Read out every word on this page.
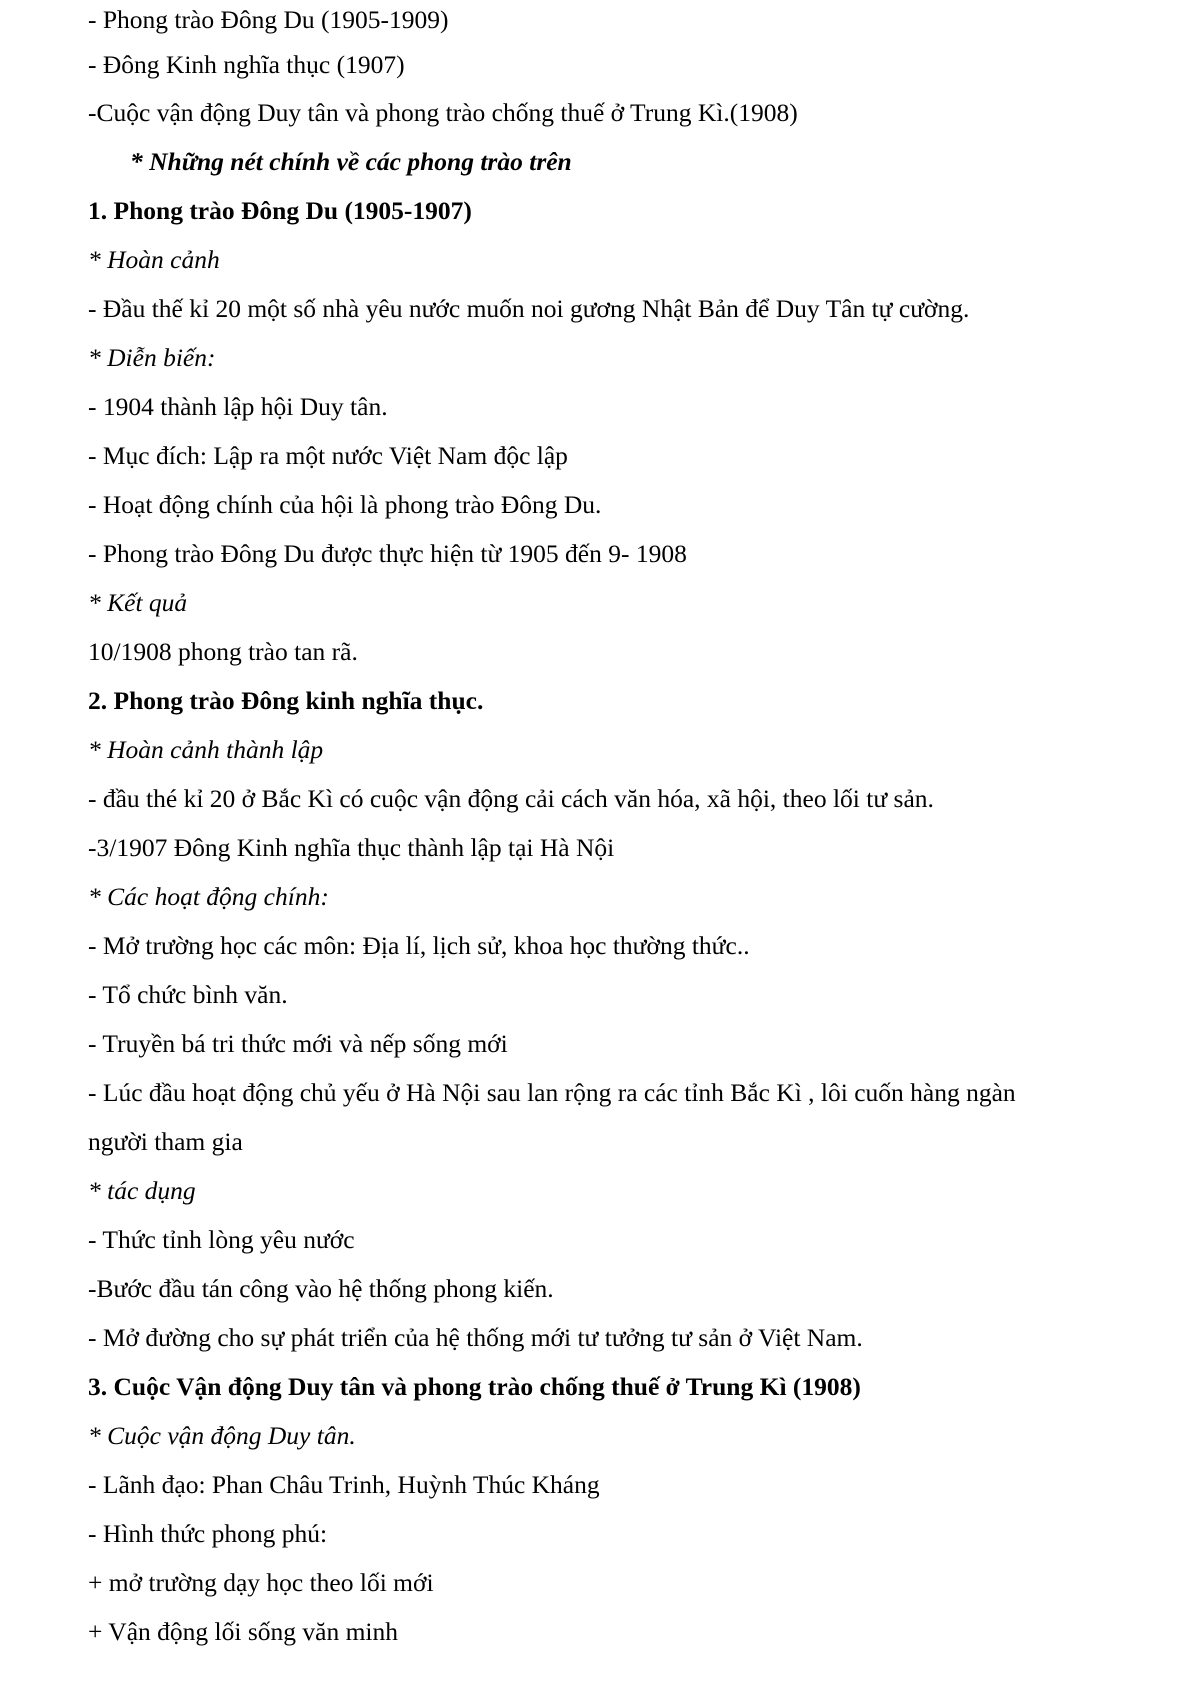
- Phong trào Đông Du (1905-1909)
- Đông Kinh nghĩa thục (1907)
-Cuộc vận động Duy tân và phong trào chống thuế ở Trung Kì.(1908)
* Những nét chính về các phong trào trên
1. Phong trào Đông Du (1905-1907)
* Hoàn cảnh
- Đầu thế kỉ 20 một số nhà yêu nước muốn noi gương Nhật Bản để Duy Tân tự cường.
* Diễn biến:
- 1904 thành lập hội Duy tân.
- Mục đích: Lập ra một nước Việt Nam độc lập
- Hoạt động chính của hội là phong trào Đông Du.
- Phong trào Đông Du được thực hiện từ 1905 đến 9- 1908
* Kết quả
10/1908 phong trào tan rã.
2. Phong trào Đông kinh nghĩa thục.
* Hoàn cảnh thành lập
- đầu thé kỉ 20 ở Bắc Kì có cuộc vận động cải cách văn hóa, xã hội, theo lối tư sản.
-3/1907 Đông Kinh nghĩa thục thành lập tại Hà Nội
* Các hoạt động chính:
- Mở trường học các môn: Địa lí, lịch sử, khoa học thường thức..
- Tổ chức bình văn.
- Truyền bá tri thức mới và nếp sống mới
- Lúc đầu hoạt động chủ yếu ở Hà Nội sau lan rộng ra các tỉnh Bắc Kì , lôi cuốn hàng ngàn
người tham gia
* tác dụng
- Thức tỉnh lòng yêu nước
-Bước đầu tán công vào hệ thống phong kiến.
- Mở đường cho sự phát triển của hệ thống mới tư tưởng tư sản ở Việt Nam.
3. Cuộc Vận động Duy tân và phong trào chống thuế ở Trung Kì (1908)
* Cuộc vận động Duy tân.
- Lãnh đạo: Phan Châu Trinh, Huỳnh Thúc Kháng
- Hình thức phong phú:
+ mở trường dạy học theo lối mới
+ Vận động lối sống văn minh
